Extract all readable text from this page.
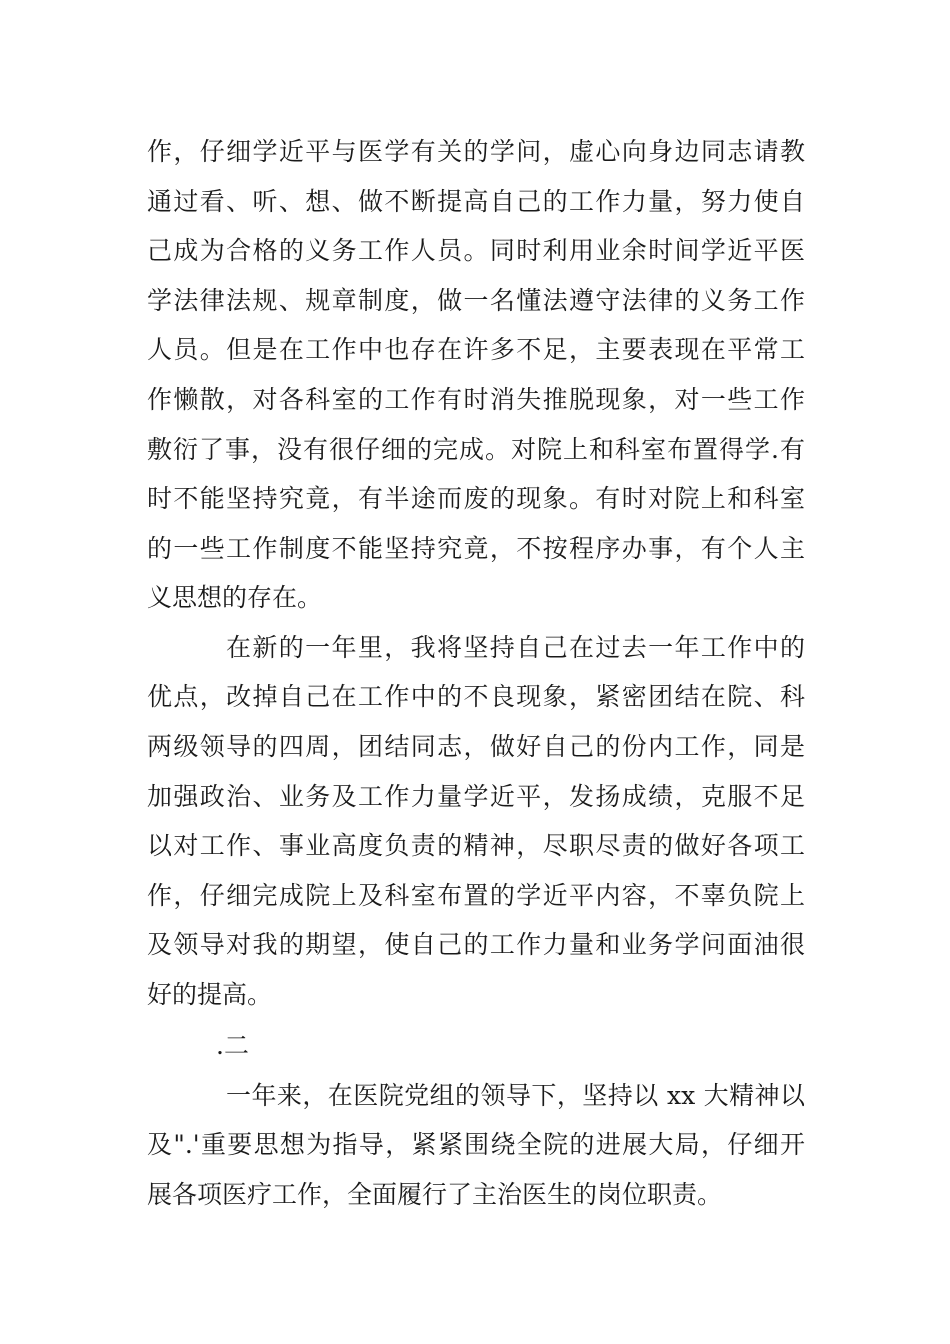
作，仔细学近平与医学有关的学问，虚心向身边同志请教
通过看、听、想、做不断提高自己的工作力量，努力使自
己成为合格的义务工作人员。同时利用业余时间学近平医
学法律法规、规章制度，做一名懂法遵守法律的义务工作
人员。但是在工作中也存在许多不足，主要表现在平常工
作懒散，对各科室的工作有时消失推脱现象，对一些工作
敷衍了事，没有很仔细的完成。对院上和科室布置得学.有
时不能坚持究竟，有半途而废的现象。有时对院上和科室
的一些工作制度不能坚持究竟，不按程序办事，有个人主
义思想的存在。
在新的一年里，我将坚持自己在过去一年工作中的
优点，改掉自己在工作中的不良现象，紧密团结在院、科
两级领导的四周，团结同志，做好自己的份内工作，同是
加强政治、业务及工作力量学近平，发扬成绩，克服不足
以对工作、事业高度负责的精神，尽职尽责的做好各项工
作，仔细完成院上及科室布置的学近平内容，不辜负院上
及领导对我的期望，使自己的工作力量和业务学问面油很
好的提高。
.二
一年来，在医院党组的领导下，坚持以 xx 大精神以
及".'重要思想为指导，紧紧围绕全院的进展大局，仔细开
展各项医疗工作，全面履行了主治医生的岗位职责。
